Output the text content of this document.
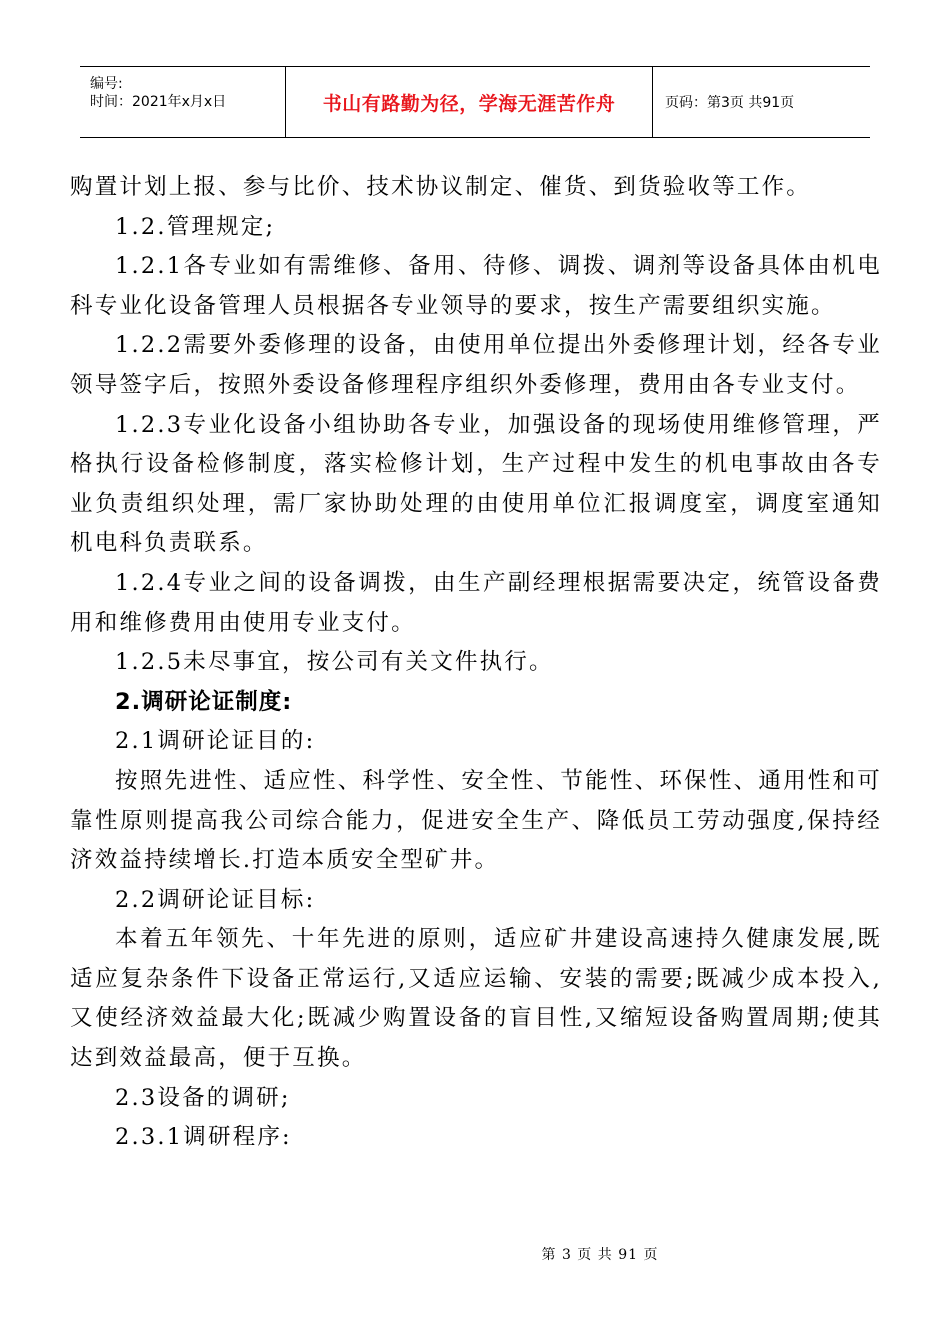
编号:
时间：2021年x月x日	书山有路勤为径，学海无涯苦作舟	页码：第3页 共91页

购置计划上报、参与比价、技术协议制定、催货、到货验收等工作。

1.2.管理规定;

1.2.1各专业如有需维修、备用、待修、调拨、调剂等设备具体由机电科专业化设备管理人员根据各专业领导的要求，按生产需要组织实施。

1.2.2需要外委修理的设备，由使用单位提出外委修理计划，经各专业领导签字后，按照外委设备修理程序组织外委修理，费用由各专业支付。

1.2.3专业化设备小组协助各专业，加强设备的现场使用维修管理，严格执行设备检修制度，落实检修计划，生产过程中发生的机电事故由各专业负责组织处理，需厂家协助处理的由使用单位汇报调度室，调度室通知机电科负责联系。

1.2.4专业之间的设备调拨，由生产副经理根据需要决定，统管设备费用和维修费用由使用专业支付。

1.2.5未尽事宜，按公司有关文件执行。

2.调研论证制度:

2.1调研论证目的:

按照先进性、适应性、科学性、安全性、节能性、环保性、通用性和可靠性原则提高我公司综合能力，促进安全生产、降低员工劳动强度,保持经济效益持续增长.打造本质安全型矿井。

2.2调研论证目标:

本着五年领先、十年先进的原则，适应矿井建设高速持久健康发展,既适应复杂条件下设备正常运行,又适应运输、安装的需要;既减少成本投入,又使经济效益最大化;既减少购置设备的盲目性,又缩短设备购置周期;使其达到效益最高，便于互换。

2.3设备的调研;

2.3.1调研程序:

第 3 页 共 91 页
